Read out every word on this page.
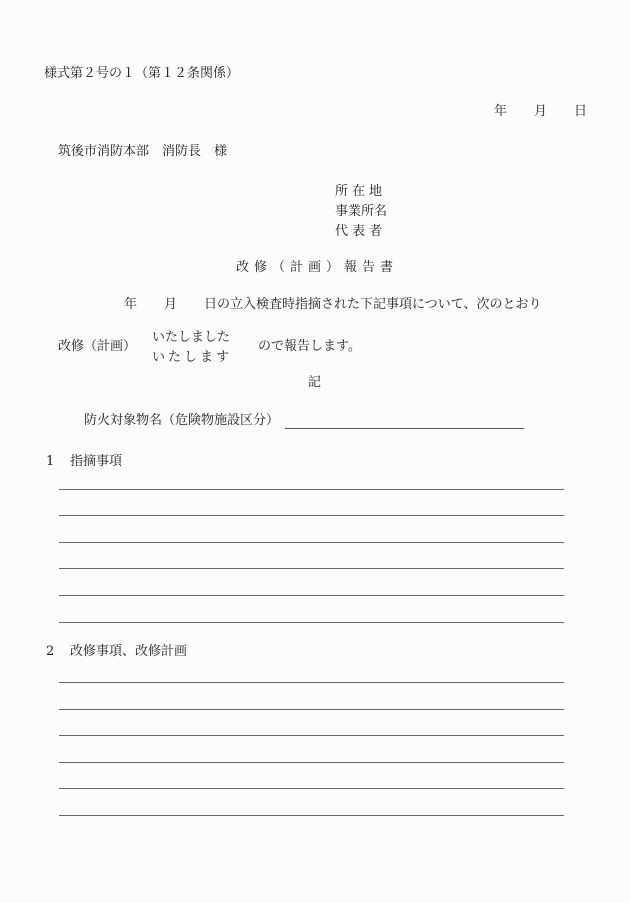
様式第２号の１（第１２条関係）
年 月 日
筑後市消防本部　消防長　様
所在地
事業所名
代表者
改修（計画）報告書
年 月 日の立入検査時指摘された下記事項について、次のとおり
改修（計画）
いたしました
いたします
ので報告します。
記
防火対象物名（危険物施設区分）
1 指摘事項
2 改修事項、改修計画
